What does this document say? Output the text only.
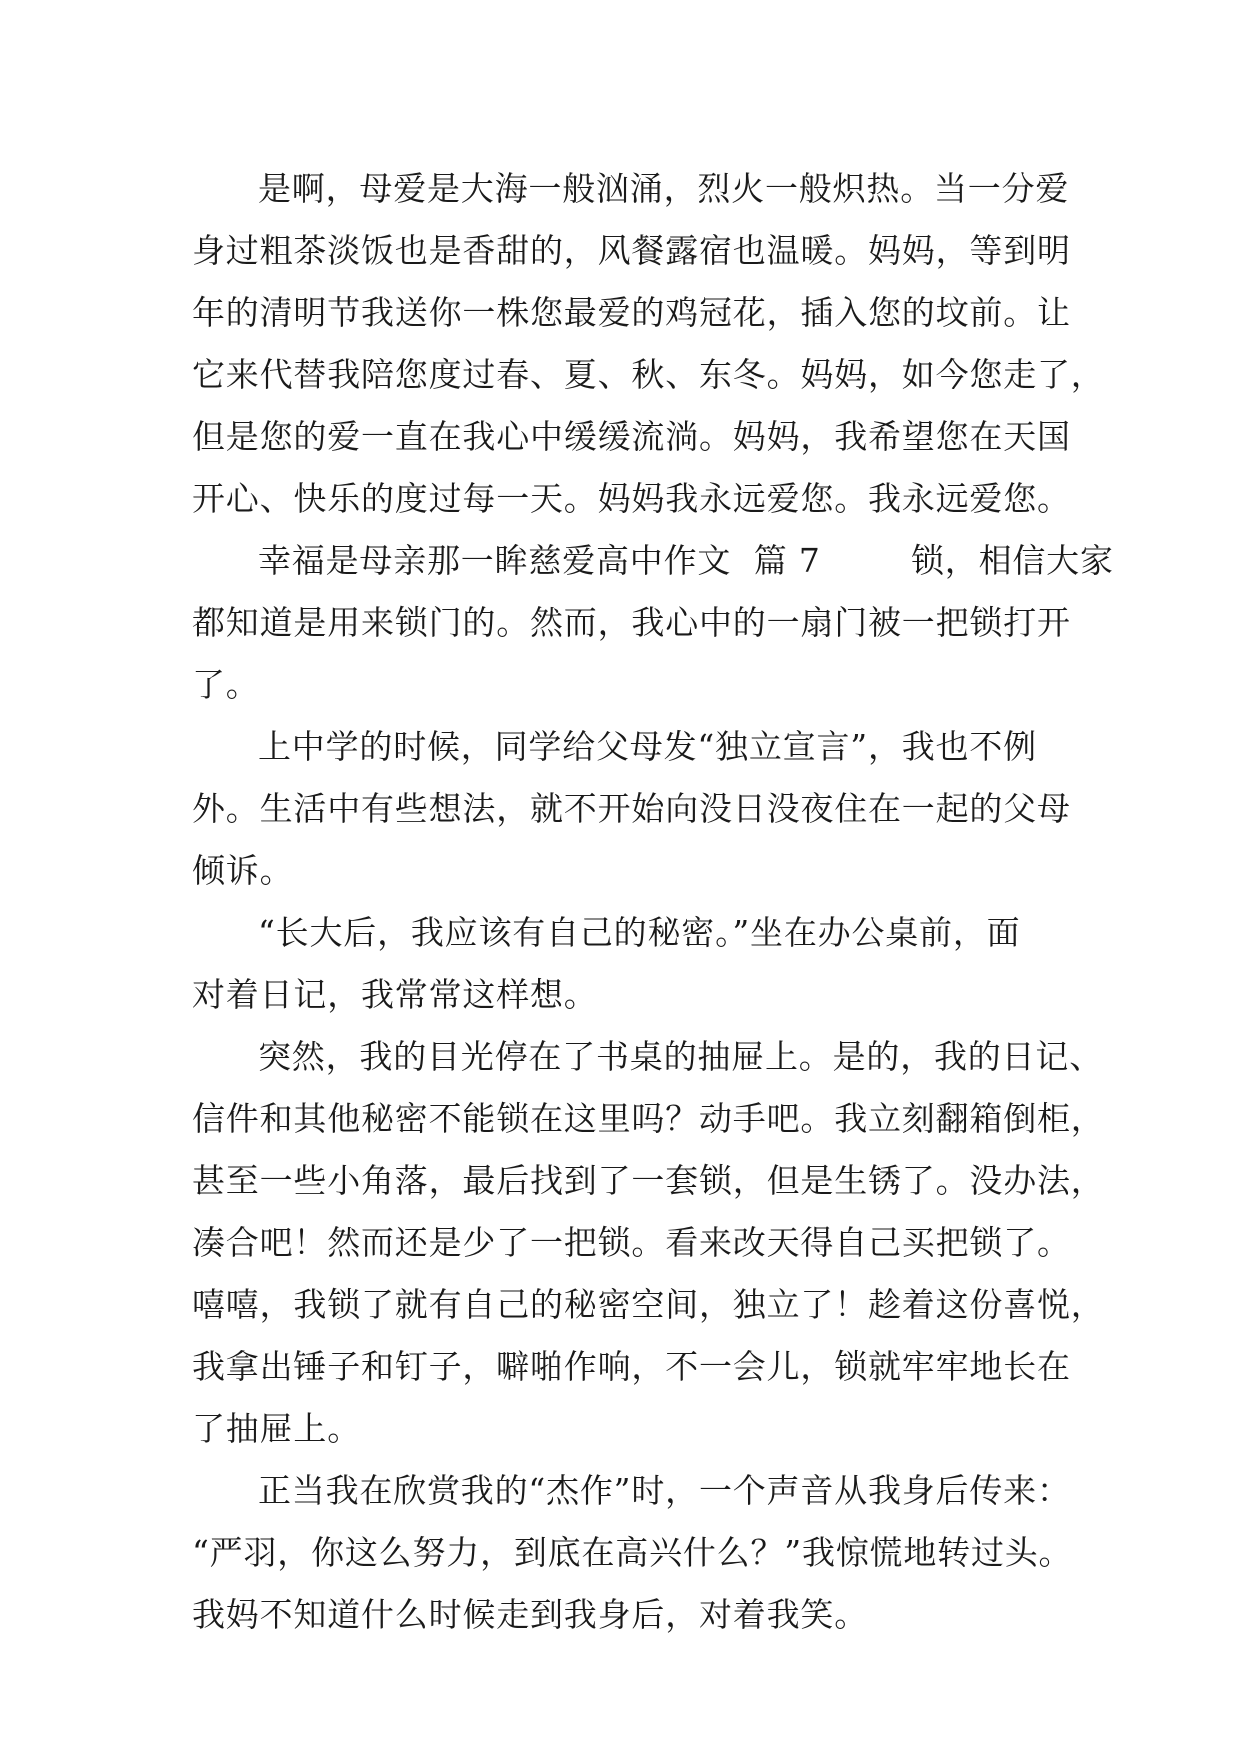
是啊，母爱是大海一般汹涌，烈火一般炽热。当一分爱
身过粗茶淡饭也是香甜的，风餐露宿也温暖。妈妈，等到明
年的清明节我送你一株您最爱的鸡冠花，插入您的坟前。让
它来代替我陪您度过春、夏、秋、东冬。妈妈，如今您走了，
但是您的爱一直在我心中缓缓流淌。妈妈，我希望您在天国
开心、快乐的度过每一天。妈妈我永远爱您。我永远爱您。
幸福是母亲那一眸慈爱高中作文  篇 7        锁，相信大家
都知道是用来锁门的。然而，我心中的一扇门被一把锁打开
了。
上中学的时候，同学给父母发“独立宣言”，我也不例
外。生活中有些想法，就不开始向没日没夜住在一起的父母
倾诉。
“长大后，我应该有自己的秘密。”坐在办公桌前，面
对着日记，我常常这样想。
突然，我的目光停在了书桌的抽屉上。是的，我的日记、
信件和其他秘密不能锁在这里吗？动手吧。我立刻翻箱倒柜，
甚至一些小角落，最后找到了一套锁，但是生锈了。没办法，
凑合吧！然而还是少了一把锁。看来改天得自己买把锁了。
嘻嘻，我锁了就有自己的秘密空间，独立了！趁着这份喜悦，
我拿出锤子和钉子，噼啪作响，不一会儿，锁就牢牢地长在
了抽屉上。
正当我在欣赏我的“杰作”时，一个声音从我身后传来：
“严羽，你这么努力，到底在高兴什么？”我惊慌地转过头。
我妈不知道什么时候走到我身后，对着我笑。
